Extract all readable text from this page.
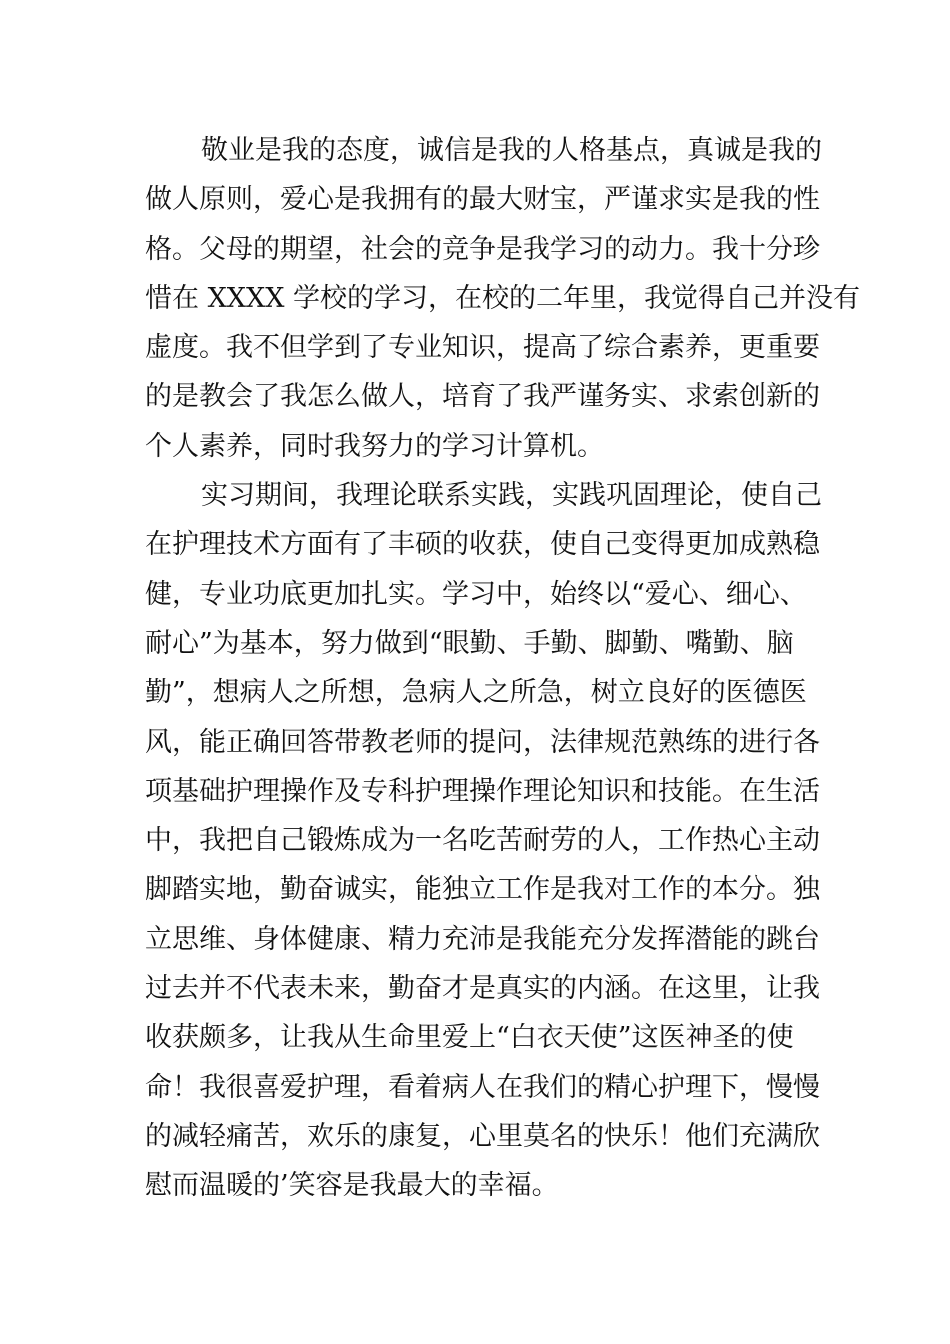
敬业是我的态度，诚信是我的人格基点，真诚是我的
做人原则，爱心是我拥有的最大财宝，严谨求实是我的性
格。父母的期望，社会的竞争是我学习的动力。我十分珍
惜在 XXXX 学校的学习，在校的二年里，我觉得自己并没有
虚度。我不但学到了专业知识，提高了综合素养，更重要
的是教会了我怎么做人，培育了我严谨务实、求索创新的
个人素养，同时我努力的学习计算机。
实习期间，我理论联系实践，实践巩固理论，使自己
在护理技术方面有了丰硕的收获，使自己变得更加成熟稳
健，专业功底更加扎实。学习中，始终以“爱心、细心、
耐心”为基本，努力做到“眼勤、手勤、脚勤、嘴勤、脑
勤”，想病人之所想，急病人之所急，树立良好的医德医
风，能正确回答带教老师的提问，法律规范熟练的进行各
项基础护理操作及专科护理操作理论知识和技能。在生活
中，我把自己锻炼成为一名吃苦耐劳的人，工作热心主动
脚踏实地，勤奋诚实，能独立工作是我对工作的本分。独
立思维、身体健康、精力充沛是我能充分发挥潜能的跳台
过去并不代表未来，勤奋才是真实的内涵。在这里，让我
收获颇多，让我从生命里爱上“白衣天使”这医神圣的使
命！我很喜爱护理，看着病人在我们的精心护理下，慢慢
的减轻痛苦，欢乐的康复，心里莫名的快乐！他们充满欣
慰而温暖的’笑容是我最大的幸福。
